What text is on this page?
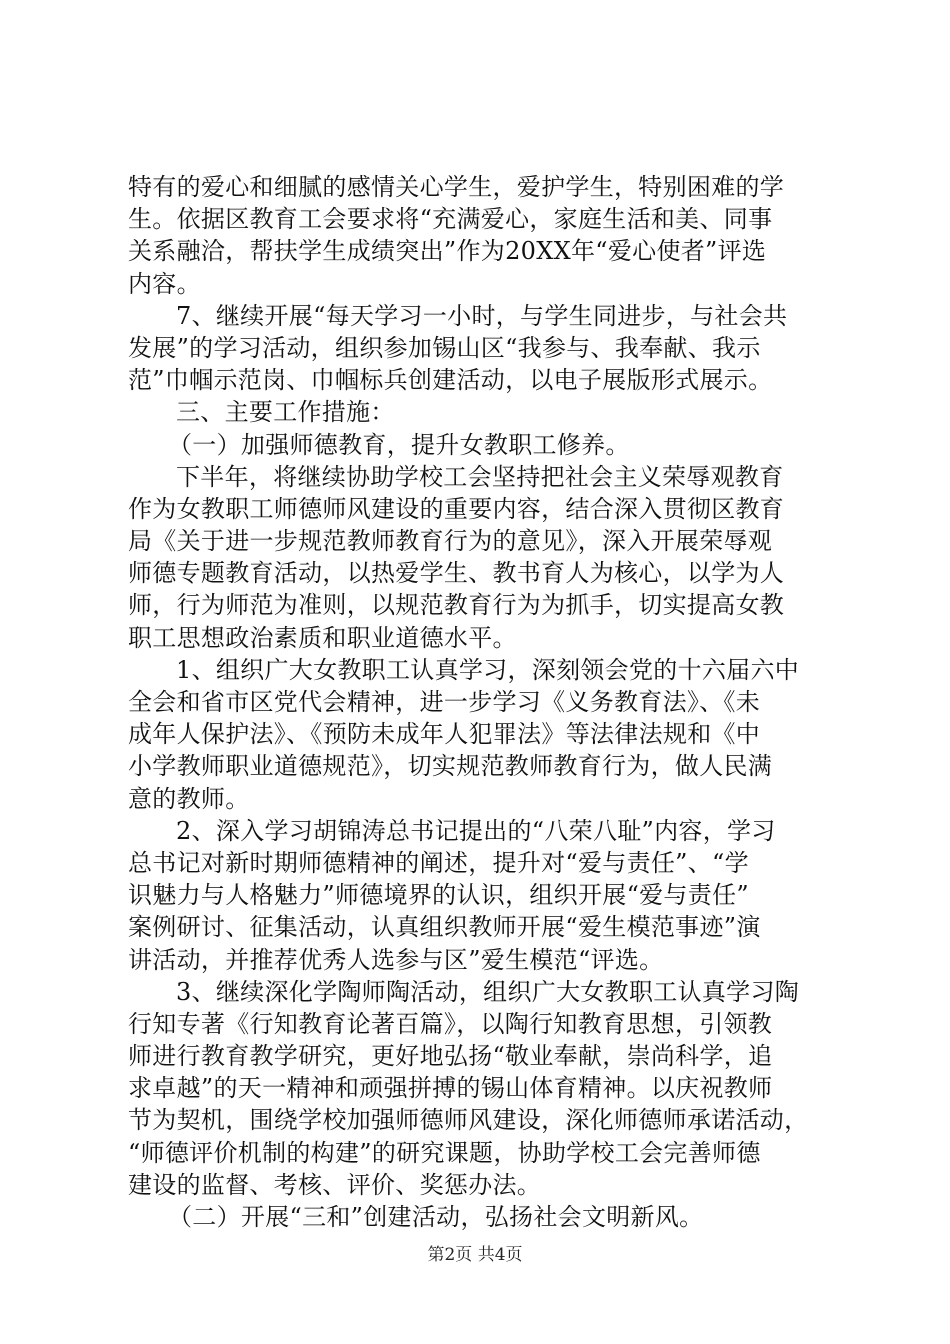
特有的爱心和细腻的感情关心学生，爱护学生，特别困难的学
生。依据区教育工会要求将“充满爱心，家庭生活和美、同事
关系融洽，帮扶学生成绩突出”作为20XX年“爱心使者”评选
内容。
7、继续开展“每天学习一小时，与学生同进步，与社会共
发展”的学习活动，组织参加锡山区“我参与、我奉献、我示
范”巾帼示范岗、巾帼标兵创建活动，以电子展版形式展示。
三、主要工作措施：
（一）加强师德教育，提升女教职工修养。
下半年，将继续协助学校工会坚持把社会主义荣辱观教育
作为女教职工师德师风建设的重要内容，结合深入贯彻区教育
局《关于进一步规范教师教育行为的意见》，深入开展荣辱观
师德专题教育活动，以热爱学生、教书育人为核心，以学为人
师，行为师范为准则，以规范教育行为为抓手，切实提高女教
职工思想政治素质和职业道德水平。
1、组织广大女教职工认真学习，深刻领会党的十六届六中
全会和省市区党代会精神，进一步学习《义务教育法》、《未
成年人保护法》、《预防未成年人犯罪法》等法律法规和《中
小学教师职业道德规范》，切实规范教师教育行为，做人民满
意的教师。
2、深入学习胡锦涛总书记提出的“八荣八耻”内容，学习
总书记对新时期师德精神的阐述，提升对“爱与责任”、“学
识魅力与人格魅力”师德境界的认识，组织开展“爱与责任”
案例研讨、征集活动，认真组织教师开展“爱生模范事迹”演
讲活动，并推荐优秀人选参与区”爱生模范“评选。
3、继续深化学陶师陶活动，组织广大女教职工认真学习陶
行知专著《行知教育论著百篇》，以陶行知教育思想，引领教
师进行教育教学研究，更好地弘扬“敬业奉献，崇尚科学，追
求卓越”的天一精神和顽强拼搏的锡山体育精神。以庆祝教师
节为契机，围绕学校加强师德师风建设，深化师德师承诺活动，
“师德评价机制的构建”的研究课题，协助学校工会完善师德
建设的监督、考核、评价、奖惩办法。
（二）开展“三和”创建活动，弘扬社会文明新风。
第2页 共4页
